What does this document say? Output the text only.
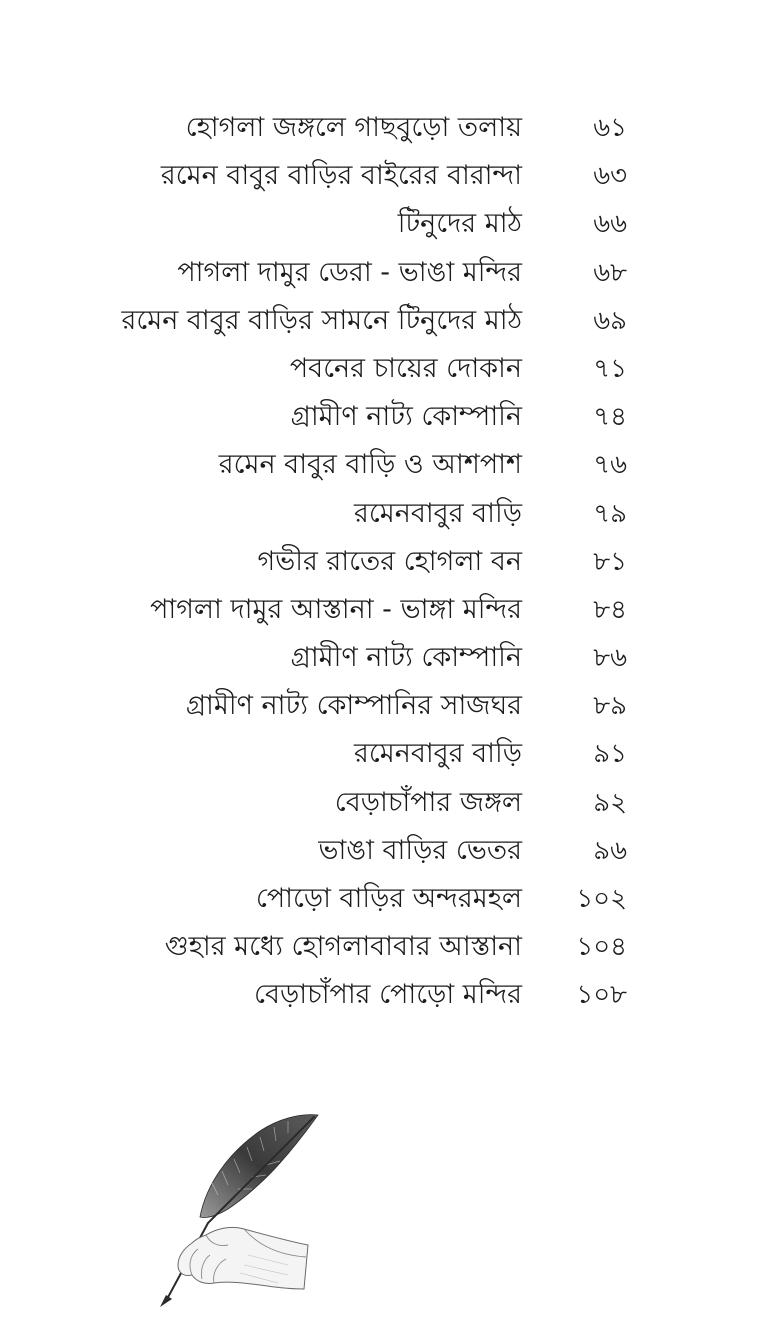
হোগলা জঙ্গলে গাছবুড়ো তলায়	৬১
রমেন বাবুর বাড়ির বাইরের বারান্দা	৬৩
টিনুদের মাঠ	৬৬
পাগলা দামুর ডেরা - ভাঙা মন্দির	৬৮
রমেন বাবুর বাড়ির সামনে টিনুদের মাঠ	৬৯
পবনের চায়ের দোকান	৭১
গ্রামীণ নাট্য কোম্পানি	৭৪
রমেন বাবুর বাড়ি ও আশপাশ	৭৬
রমেনবাবুর বাড়ি	৭৯
গভীর রাতের হোগলা বন	৮১
পাগলা দামুর আস্তানা - ভাঙ্গা মন্দির	৮৪
গ্রামীণ নাট্য কোম্পানি	৮৬
গ্রামীণ নাট্য কোম্পানির সাজঘর	৮৯
রমেনবাবুর বাড়ি	৯১
বেড়াচাঁপার জঙ্গল	৯২
ভাঙা বাড়ির ভেতর	৯৬
পোড়ো বাড়ির অন্দরমহল ১০২
গুহার মধ্যে হোগলাবাবার আস্তানা ১০৪
বেড়াচাঁপার পোড়ো মন্দির ১০৮
